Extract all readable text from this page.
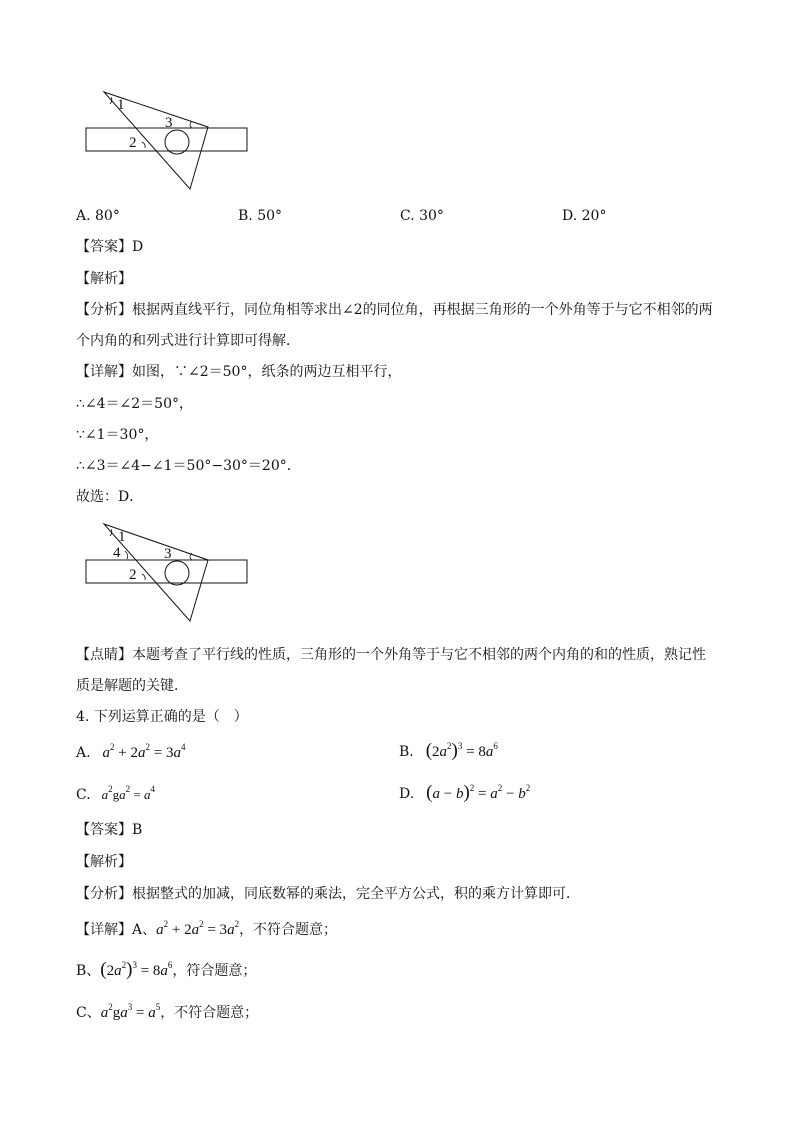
1
2
3
A. 80°	B. 50°	C. 30°	D. 20°
【答案】D
【解析】
【分析】根据两直线平行，同位角相等求出∠2的同位角，再根据三角形的一个外角等于与它不相邻的两
个内角的和列式进行计算即可得解．
【详解】如图，∵∠2＝50°，纸条的两边互相平行，
∴∠4＝∠2＝50°，
∵∠1＝30°，
∴∠3＝∠4−∠1＝50°−30°＝20°．
故选：D．
1
4
2
3
【点睛】本题考查了平行线的性质，三角形的一个外角等于与它不相邻的两个内角的和的性质，熟记性
质是解题的关键．
4. 下列运算正确的是（　）
A.   $a^2 + 2a^2 = 3a^4$	B. $(2a^2)^3 = 8a^6$
C.   $a^2ga^2 = a^4$	D. $(a - b)^2 = a^2 - b^2$
【答案】B
【解析】
【分析】根据整式的加减，同底数幂的乘法，完全平方公式，积的乘方计算即可．
【详解】A、$a^2 + 2a^2 = 3a^2$，不符合题意；
B、$(2a^2)^3 = 8a^6$，符合题意；
C、$a^2ga^3 = a^5$，不符合题意；
